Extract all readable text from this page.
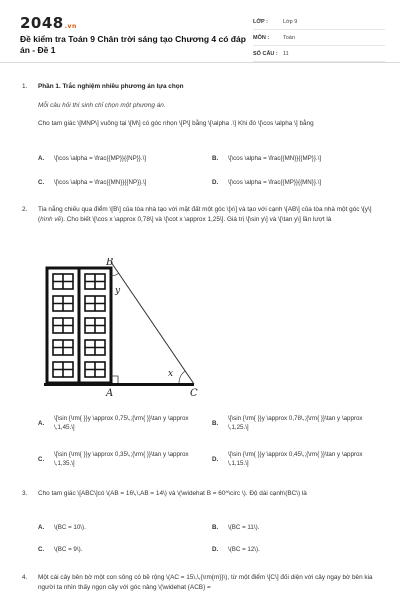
2048.vn
Đề kiểm tra Toán 9 Chân trời sáng tạo Chương 4 có đáp án - Đề 1
LỚP :	Lớp 9
MÔN :	Toán
SỐ CÂU : 11
1.	Phần 1. Trắc nghiệm nhiều phương án lựa chọn
Mỗi câu hỏi thí sinh chỉ chọn một phương án.
Cho tam giác \[MNP\] vuông tại \[M\] có góc nhọn \[P\] bằng \[\alpha .\] Khi đó \[\cos \alpha \] bằng
A. \[\cos \alpha = \frac{{MP}}{{NP}}.\]	B. \[\cos \alpha = \frac{{MN}}{{MP}}.\]
C. \[\cos \alpha = \frac{{MN}}{{NP}}.\]	D. \[\cos \alpha = \frac{{MP}}{{MN}}.\]
2.	Tia nắng chiếu qua điểm \[B\] của tòa nhà tạo với mặt đất một góc \[x\] và tạo với cạnh \[AB\] của tòa nhà một góc \[y\] (hình vẽ). Cho biết \[\cos x \approx 0,78\] và \[\cot x \approx 1,25\]. Giá trị \[\sin y\] và \[\tan y\] lần lượt là
B
y
x
A	C
A.
\[\sin {\rm{ }}y \approx 0,75\,;{\rm{ }}\tan y \approx \,1,45.\]
B.
\[\sin {\rm{ }}y \approx 0,78\,;{\rm{ }}\tan y \approx \,1,25.\]
C.
\[\sin {\rm{ }}y \approx 0,35\,;{\rm{ }}\tan y \approx \,1,35.\]
D.
\[\sin {\rm{ }}y \approx 0,45\,;{\rm{ }}\tan y \approx \,1,15.\]
3.	Cho tam giác \[ABC\]có \(AB = 16\,\,AB = 14\) và \(\widehat B = 60^\circ \). Độ dài cạnh\(BC\) là
A. \(BC = 10\).	B. \(BC = 11\).
C. \(BC = 9\).	D. \(BC = 12\).
4.	Một cái cây bên bờ một con sông có bề rộng \(AC = 15\,\,{\rm{m}}\), từ một điểm \[C\] đối diện với cây ngay bờ bên kia người ta nhìn thấy ngọn cây với góc nâng \(\widehat {ACB} =
